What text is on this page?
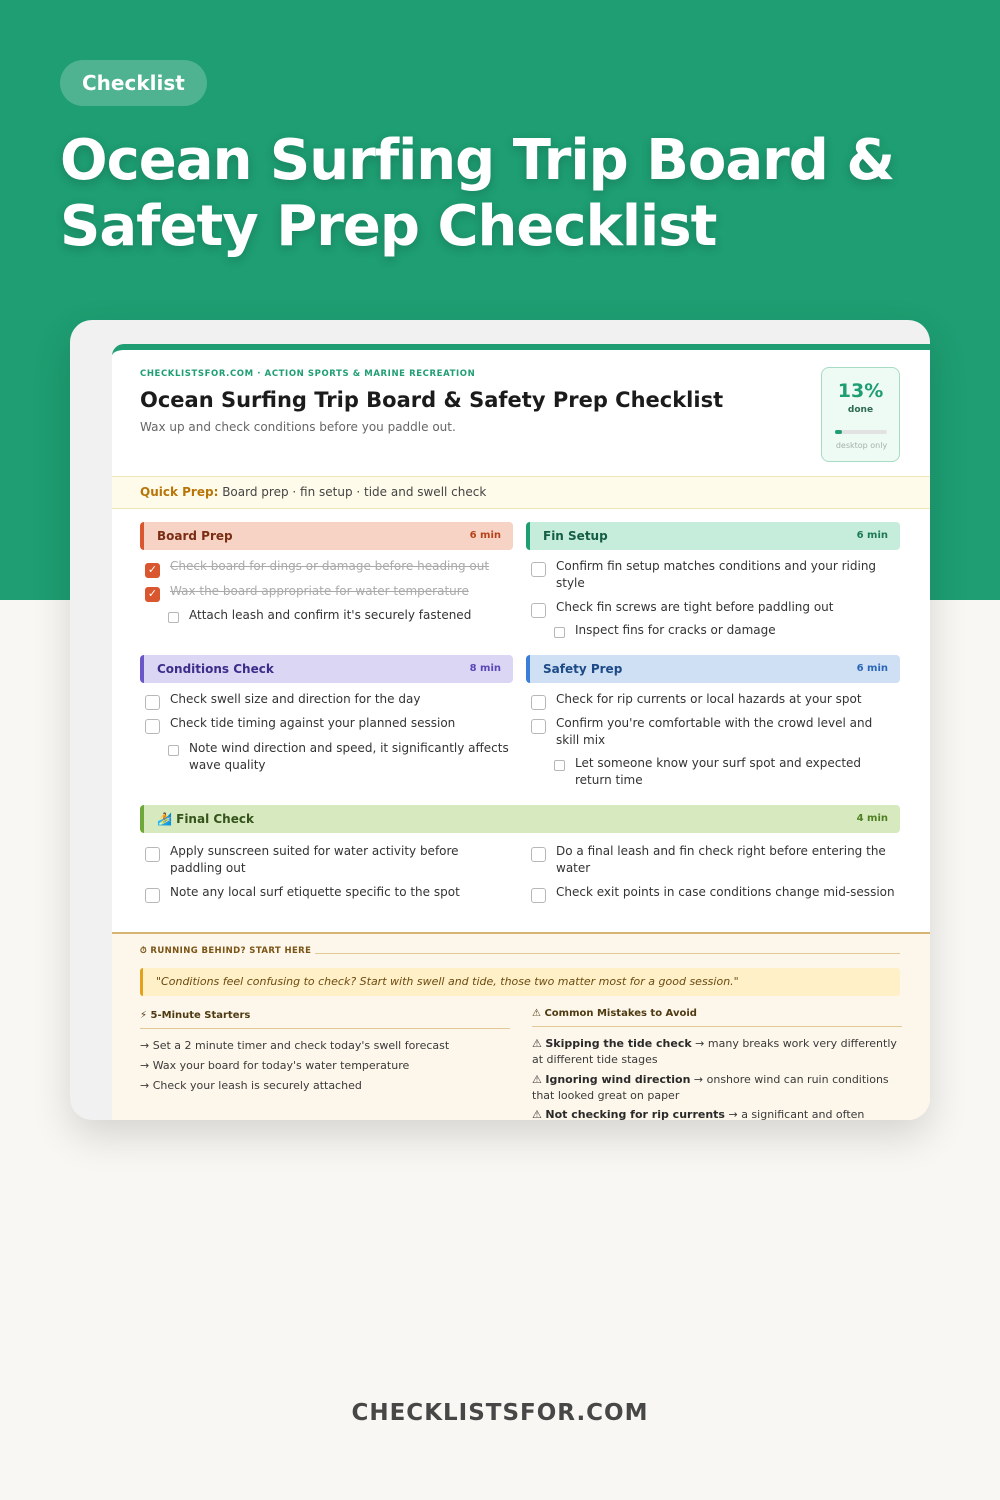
Checklist
Ocean Surfing Trip Board & Safety Prep Checklist
CHECKLISTSFOR.COM · ACTION SPORTS & MARINE RECREATION
Ocean Surfing Trip Board & Safety Prep Checklist
Wax up and check conditions before you paddle out.
13%
done
desktop only
Quick Prep: Board prep · fin setup · tide and swell check
Board Prep	6 min
✓ Check board for dings or damage before heading out
✓ Wax the board appropriate for water temperature
Attach leash and confirm it's securely fastened
Fin Setup	6 min
Confirm fin setup matches conditions and your riding style
Check fin screws are tight before paddling out
Inspect fins for cracks or damage
Conditions Check	8 min
Check swell size and direction for the day
Check tide timing against your planned session
Note wind direction and speed, it significantly affects wave quality
Safety Prep	6 min
Check for rip currents or local hazards at your spot
Confirm you're comfortable with the crowd level and skill mix
Let someone know your surf spot and expected return time
🏄 Final Check	4 min
Apply sunscreen suited for water activity before paddling out
Note any local surf etiquette specific to the spot
Do a final leash and fin check right before entering the water
Check exit points in case conditions change mid-session
⏱ RUNNING BEHIND? START HERE
"Conditions feel confusing to check? Start with swell and tide, those two matter most for a good session."
⚡ 5-Minute Starters
→ Set a 2 minute timer and check today's swell forecast
→ Wax your board for today's water temperature
→ Check your leash is securely attached
⚠ Common Mistakes to Avoid
⚠ Skipping the tide check → many breaks work very differently at different tide stages
⚠ Ignoring wind direction → onshore wind can ruin conditions that looked great on paper
⚠ Not checking for rip currents → a significant and often
CHECKLISTSFOR.COM
